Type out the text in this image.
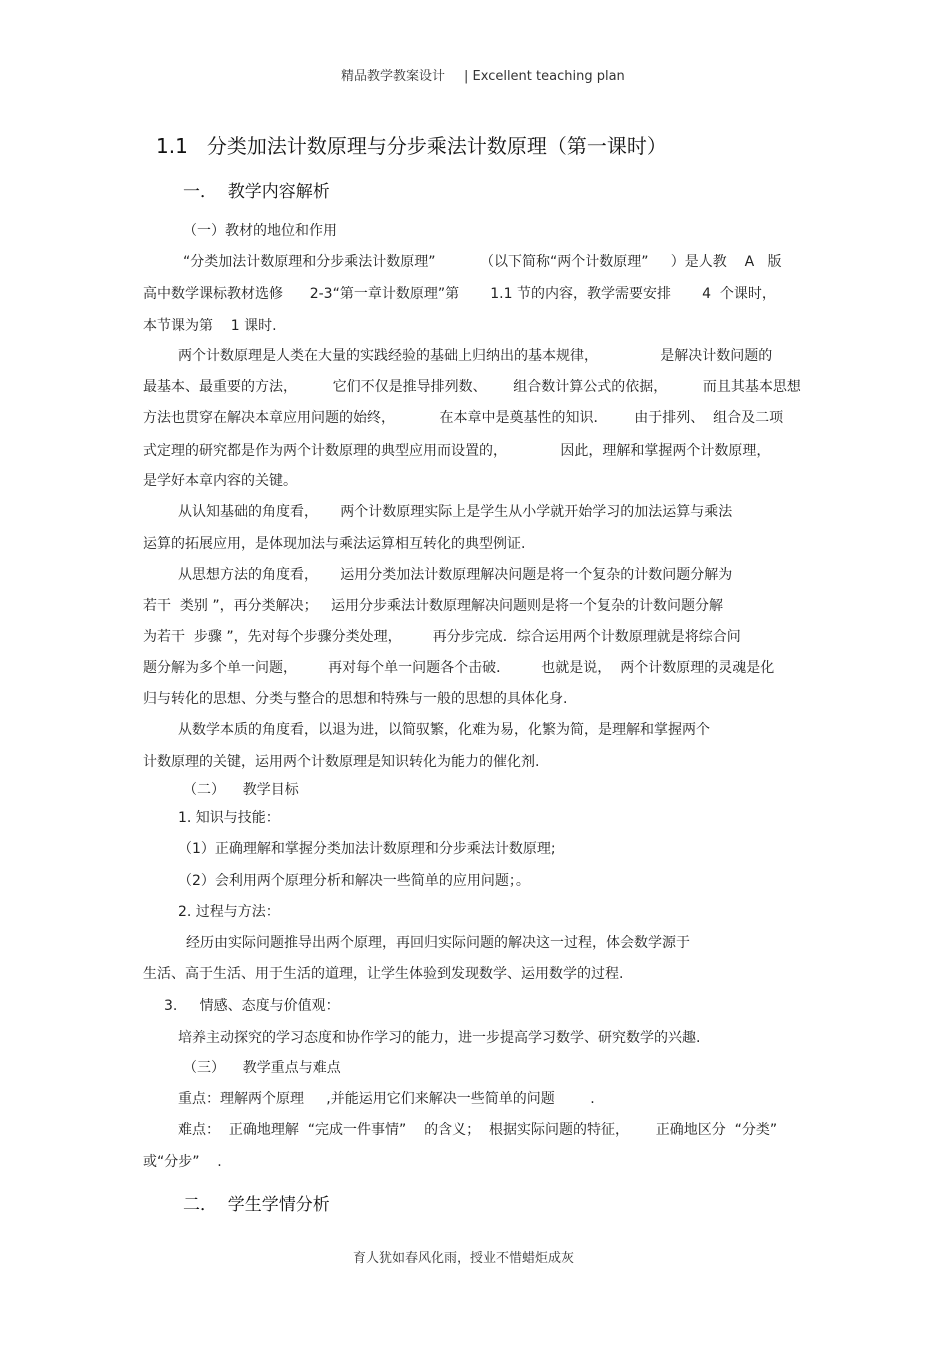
精品教学教案设计 | Excellent teaching plan
1.1   分类加法计数原理与分步乘法计数原理（第一课时）
一．  教学内容解析
（一）教材的地位和作用
“分类加法计数原理和分步乘法计数原理”          （以下简称“两个计数原理”     ）是人教    A   版
高中数学课标教材选修      2-3“第一章计数原理”第       1.1 节的内容，教学需要安排       4  个课时，
本节课为第    1 课时.
两个计数原理是人类在大量的实践经验的基础上归纳出的基本规律，              是解决计数问题的
最基本、最重要的方法，        它们不仅是推导排列数、      组合数计算公式的依据，        而且其基本思想
方法也贯穿在解决本章应用问题的始终，          在本章中是奠基性的知识．      由于排列、  组合及二项
式定理的研究都是作为两个计数原理的典型应用而设置的，            因此，理解和掌握两个计数原理，
是学好本章内容的关键。
从认知基础的角度看，     两个计数原理实际上是学生从小学就开始学习的加法运算与乘法
运算的拓展应用，是体现加法与乘法运算相互转化的典型例证.
从思想方法的角度看，     运用分类加法计数原理解决问题是将一个复杂的计数问题分解为
若干  类别 ”，再分类解决；   运用分步乘法计数原理解决问题则是将一个复杂的计数问题分解
为若干  步骤 ”，先对每个步骤分类处理，       再分步完成．综合运用两个计数原理就是将综合问
题分解为多个单一问题，       再对每个单一问题各个击破．       也就是说，  两个计数原理的灵魂是化
归与转化的思想、分类与整合的思想和特殊与一般的思想的具体化身.
从数学本质的角度看，以退为进，以简驭繁，化难为易，化繁为简，是理解和掌握两个
计数原理的关键，运用两个计数原理是知识转化为能力的催化剂.
（二）    教学目标
1. 知识与技能：
（1）正确理解和掌握分类加法计数原理和分步乘法计数原理;
（2）会利用两个原理分析和解决一些简单的应用问题；。
2. 过程与方法：
经历由实际问题推导出两个原理，再回归实际问题的解决这一过程，体会数学源于
生活、高于生活、用于生活的道理，让学生体验到发现数学、运用数学的过程.
3.     情感、态度与价值观：
培养主动探究的学习态度和协作学习的能力，进一步提高学习数学、研究数学的兴趣.
（三）    教学重点与难点
重点：理解两个原理     ,并能运用它们来解决一些简单的问题        .
难点：  正确地理解  “完成一件事情”    的含义；  根据实际问题的特征，      正确地区分  “分类”
或“分步”    .
二．  学生学情分析
育人犹如春风化雨，授业不惜蜡炬成灰
